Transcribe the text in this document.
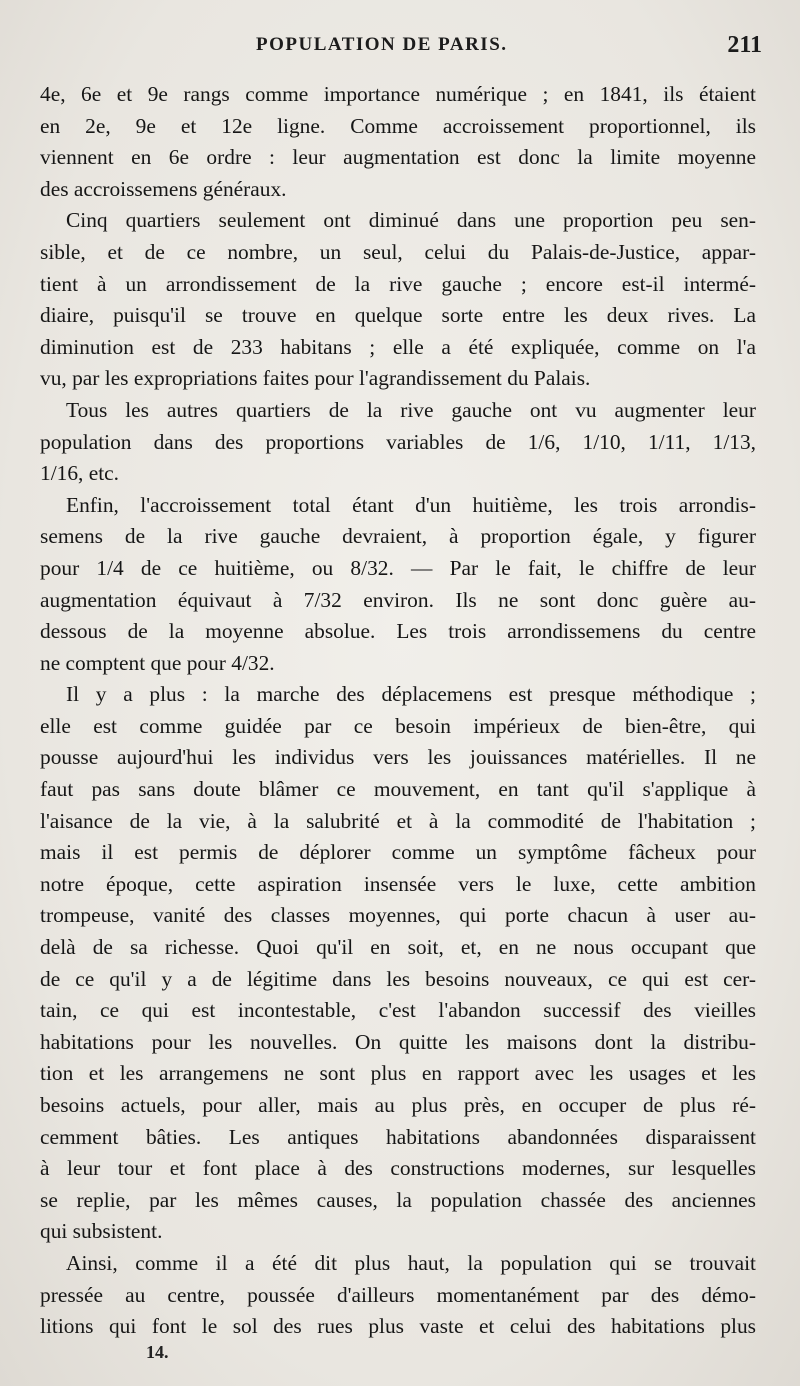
POPULATION DE PARIS.	211
4e, 6e et 9e rangs comme importance numérique ; en 1841, ils étaient
en 2e, 9e et 12e ligne. Comme accroissement proportionnel, ils
viennent en 6e ordre : leur augmentation est donc la limite moyenne
des accroissemens généraux.
Cinq quartiers seulement ont diminué dans une proportion peu sen-
sible, et de ce nombre, un seul, celui du Palais-de-Justice, appar-
tient à un arrondissement de la rive gauche ; encore est-il intermé-
diaire, puisqu'il se trouve en quelque sorte entre les deux rives. La
diminution est de 233 habitans ; elle a été expliquée, comme on l'a
vu, par les expropriations faites pour l'agrandissement du Palais.
Tous les autres quartiers de la rive gauche ont vu augmenter leur
population dans des proportions variables de 1/6, 1/10, 1/11, 1/13,
1/16, etc.
Enfin, l'accroissement total étant d'un huitième, les trois arrondis-
semens de la rive gauche devraient, à proportion égale, y figurer
pour 1/4 de ce huitième, ou 8/32. — Par le fait, le chiffre de leur
augmentation équivaut à 7/32 environ. Ils ne sont donc guère au-
dessous de la moyenne absolue. Les trois arrondissemens du centre
ne comptent que pour 4/32.
Il y a plus : la marche des déplacemens est presque méthodique ;
elle est comme guidée par ce besoin impérieux de bien-être, qui
pousse aujourd'hui les individus vers les jouissances matérielles. Il ne
faut pas sans doute blâmer ce mouvement, en tant qu'il s'applique à
l'aisance de la vie, à la salubrité et à la commodité de l'habitation ;
mais il est permis de déplorer comme un symptôme fâcheux pour
notre époque, cette aspiration insensée vers le luxe, cette ambition
trompeuse, vanité des classes moyennes, qui porte chacun à user au-
delà de sa richesse. Quoi qu'il en soit, et, en ne nous occupant que
de ce qu'il y a de légitime dans les besoins nouveaux, ce qui est cer-
tain, ce qui est incontestable, c'est l'abandon successif des vieilles
habitations pour les nouvelles. On quitte les maisons dont la distribu-
tion et les arrangemens ne sont plus en rapport avec les usages et les
besoins actuels, pour aller, mais au plus près, en occuper de plus ré-
cemment bâties. Les antiques habitations abandonnées disparaissent
à leur tour et font place à des constructions modernes, sur lesquelles
se replie, par les mêmes causes, la population chassée des anciennes
qui subsistent.
Ainsi, comme il a été dit plus haut, la population qui se trouvait
pressée au centre, poussée d'ailleurs momentanément par des démo-
litions qui font le sol des rues plus vaste et celui des habitations plus
14.
